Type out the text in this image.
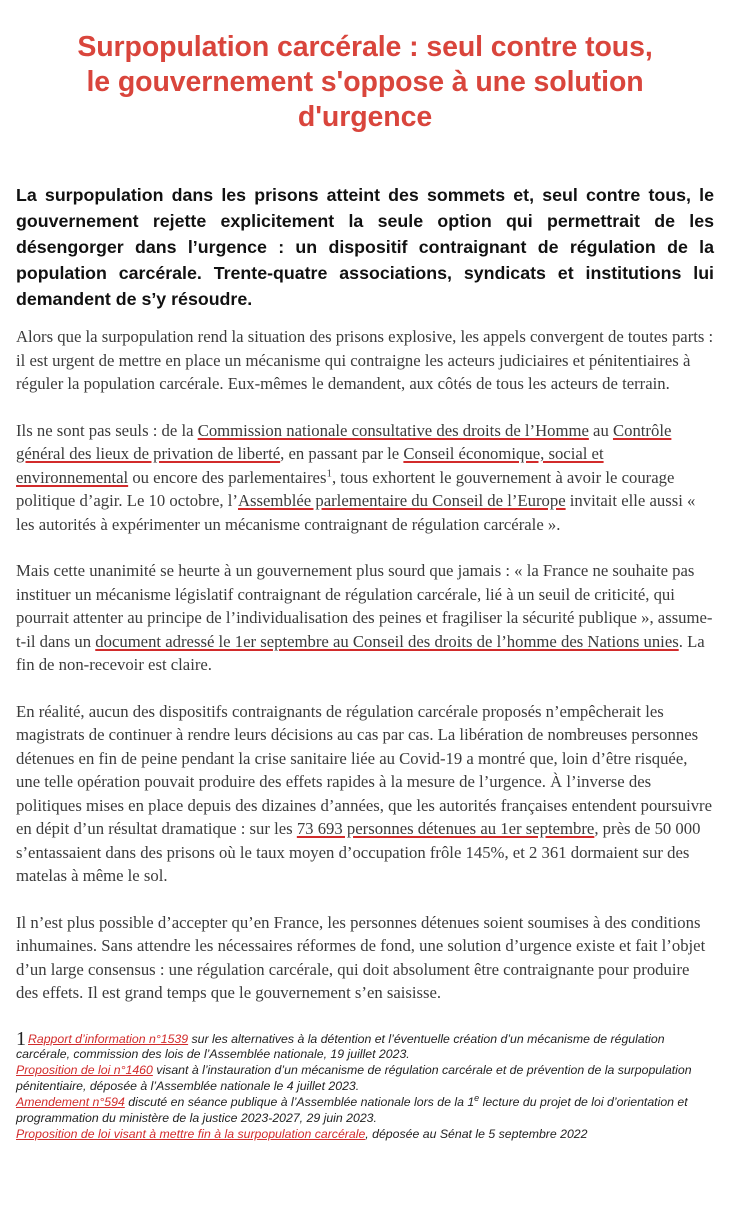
Surpopulation carcérale : seul contre tous,
le gouvernement s'oppose à une solution
d'urgence

La surpopulation dans les prisons atteint des sommets et, seul contre tous, le gouvernement rejette explicitement la seule option qui permettrait de les désengorger dans l’urgence : un dispositif contraignant de régulation de la population carcérale. Trente-quatre associations, syndicats et institutions lui demandent de s’y résoudre.

Alors que la surpopulation rend la situation des prisons explosive, les appels convergent de toutes parts : il est urgent de mettre en place un mécanisme qui contraigne les acteurs judiciaires et pénitentiaires à réguler la population carcérale. Eux-mêmes le demandent, aux côtés de tous les acteurs de terrain.

Ils ne sont pas seuls : de la Commission nationale consultative des droits de l’Homme au Contrôle général des lieux de privation de liberté, en passant par le Conseil économique, social et environnemental ou encore des parlementaires$^1$, tous exhortent le gouvernement à avoir le courage politique d’agir. Le 10 octobre, l’Assemblée parlementaire du Conseil de l’Europe invitait elle aussi « les autorités à expérimenter un mécanisme contraignant de régulation carcérale ».

Mais cette unanimité se heurte à un gouvernement plus sourd que jamais : « la France ne souhaite pas instituer un mécanisme législatif contraignant de régulation carcérale, lié à un seuil de criticité, qui pourrait attenter au principe de l’individualisation des peines et fragiliser la sécurité publique », assume-t-il dans un document adressé le 1er septembre au Conseil des droits de l’homme des Nations unies. La fin de non-recevoir est claire.

En réalité, aucun des dispositifs contraignants de régulation carcérale proposés n’empêcherait les magistrats de continuer à rendre leurs décisions au cas par cas. La libération de nombreuses personnes détenues en fin de peine pendant la crise sanitaire liée au Covid-19 a montré que, loin d’être risquée, une telle opération pouvait produire des effets rapides à la mesure de l’urgence. À l’inverse des politiques mises en place depuis des dizaines d’années, que les autorités françaises entendent poursuivre en dépit d’un résultat dramatique : sur les 73 693 personnes détenues au 1er septembre, près de 50 000 s’entassaient dans des prisons où le taux moyen d’occupation frôle 145%, et 2 361 dormaient sur des matelas à même le sol.

Il n’est plus possible d’accepter qu’en France, les personnes détenues soient soumises à des conditions inhumaines. Sans attendre les nécessaires réformes de fond, une solution d’urgence existe et fait l’objet d’un large consensus : une régulation carcérale, qui doit absolument être contraignante pour produire des effets. Il est grand temps que le gouvernement s’en saisisse.

1 Rapport d’information n°1539 sur les alternatives à la détention et l’éventuelle création d’un mécanisme de régulation carcérale, commission des lois de l’Assemblée nationale, 19 juillet 2023.

Proposition de loi n°1460 visant à l’instauration d’un mécanisme de régulation carcérale et de prévention de la surpopulation pénitentiaire, déposée à l’Assemblée nationale le 4 juillet 2023.

Amendement n°594 discuté en séance publique à l’Assemblée nationale lors de la 1e lecture du projet de loi d’orientation et programmation du ministère de la justice 2023-2027, 29 juin 2023.

Proposition de loi visant à mettre fin à la surpopulation carcérale, déposée au Sénat le 5 septembre 2022
